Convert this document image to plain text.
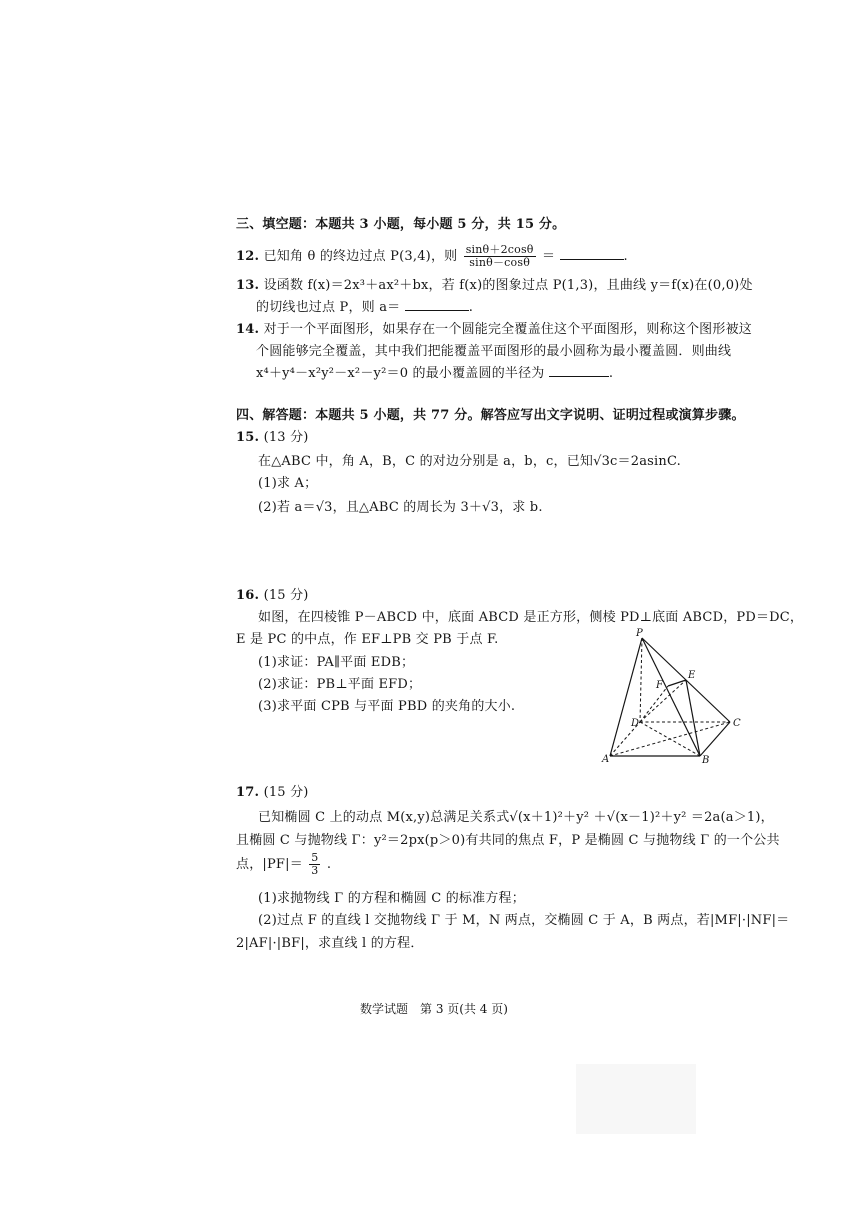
三、填空题：本题共 3 小题，每小题 5 分，共 15 分。
12. 已知角 θ 的终边过点 P(3,4)，则 $\frac{\sin\theta+2\cos\theta}{\sin\theta-\cos\theta}$ ＝	.
13. 设函数 f(x)＝2x³＋ax²＋bx，若 f(x)的图象过点 P(1,3)，且曲线 y＝f(x)在(0,0)处
的切线也过点 P，则 a＝	.
14. 对于一个平面图形，如果存在一个圆能完全覆盖住这个平面图形，则称这个图形被这
个圆能够完全覆盖，其中我们把能覆盖平面图形的最小圆称为最小覆盖圆．则曲线
x⁴＋y⁴－x²y²－x²－y²＝0 的最小覆盖圆的半径为	.
四、解答题：本题共 5 小题，共 77 分。解答应写出文字说明、证明过程或演算步骤。
15. (13 分)
在△ABC 中，角 A，B，C 的对边分别是 a，b，c，已知√3c＝2asinC.
(1)求 A；
(2)若 a＝√3，且△ABC 的周长为 3＋√3，求 b.
16. (15 分)
如图，在四棱锥 P－ABCD 中，底面 ABCD 是正方形，侧棱 PD⊥底面 ABCD，PD＝DC，
E 是 PC 的中点，作 EF⊥PB 交 PB 于点 F.
(1)求证：PA∥平面 EDB；
(2)求证：PB⊥平面 EFD；
(3)求平面 CPB 与平面 PBD 的夹角的大小.
P
E
F
D	C
A	B
17. (15 分)
已知椭圆 C 上的动点 M(x,y)总满足关系式√(x＋1)²＋y² ＋√(x－1)²＋y² ＝2a(a＞1)，
且椭圆 C 与抛物线 Γ：y²＝2px(p＞0)有共同的焦点 F，P 是椭圆 C 与抛物线 Γ 的一个公共
点，$|PF|= \frac{5}{3}$ .
(1)求抛物线 Γ 的方程和椭圆 C 的标准方程；
(2)过点 F 的直线 l 交抛物线 Γ 于 M，N 两点，交椭圆 C 于 A，B 两点，若|MF|·|NF|＝
2|AF|·|BF|，求直线 l 的方程．
数学试题　第 3 页(共 4 页)
